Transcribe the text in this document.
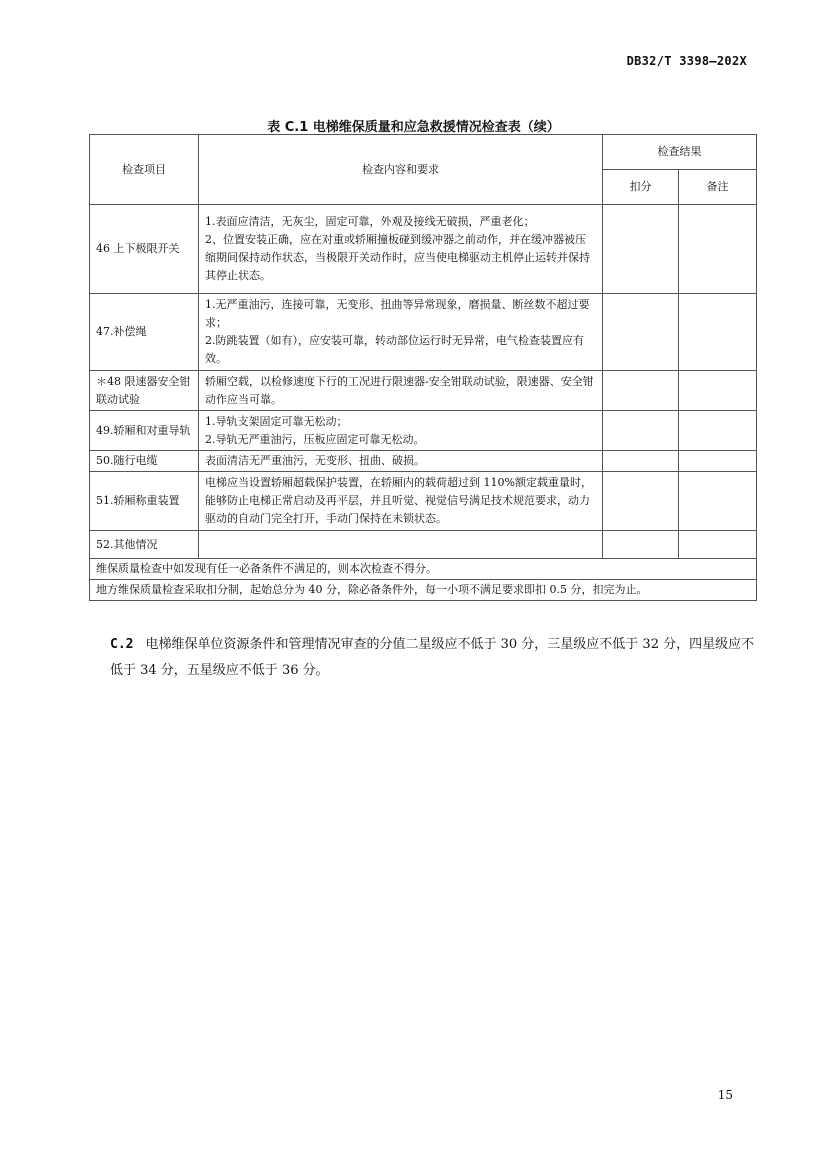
DB32/T 3398—202X
表 C.1 电梯维保质量和应急救援情况检查表（续）
检查项目	检查内容和要求	检查结果	
		扣分	备注
46 上下极限开关	1.表面应清洁，无灰尘，固定可靠，外观及接线无破损，严重老化；
2、位置安装正确，应在对重或轿厢撞板碰到缓冲器之前动作，并在缓冲器被压缩期间保持动作状态，当极限开关动作时，应当使电梯驱动主机停止运转并保持其停止状态。		

47.补偿绳	1.无严重油污，连接可靠，无变形、扭曲等异常现象，磨损量、断丝数不超过要求；
2.防跳装置（如有），应安装可靠，转动部位运行时无异常，电气检查装置应有效。		

＊48 限速器安全钳联动试验	轿厢空载，以检修速度下行的工况进行限速器-安全钳联动试验，限速器、安全钳动作应当可靠。		

49.轿厢和对重导轨	1.导轨支架固定可靠无松动；
2.导轨无严重油污，压板应固定可靠无松动。		

50.随行电缆	表面清洁无严重油污，无变形、扭曲、破损。		

51.轿厢称重装置	电梯应当设置轿厢超载保护装置，在轿厢内的载荷超过到 110%额定载重量时，能够防止电梯正常启动及再平层，并且听觉、视觉信号满足技术规范要求，动力驱动的自动门完全打开，手动门保持在未锁状态。		

52.其他情况	

维保质量检查中如发现有任一必备条件不满足的，则本次检查不得分。			
地方维保质量检查采取扣分制，起始总分为 40 分，除必备条件外，每一小项不满足要求即扣 0.5 分，扣完为止。			
C.2 电梯维保单位资源条件和管理情况审查的分值二星级应不低于 30 分，三星级应不低于 32 分，四星级应不低于 34 分，五星级应不低于 36 分。
15
